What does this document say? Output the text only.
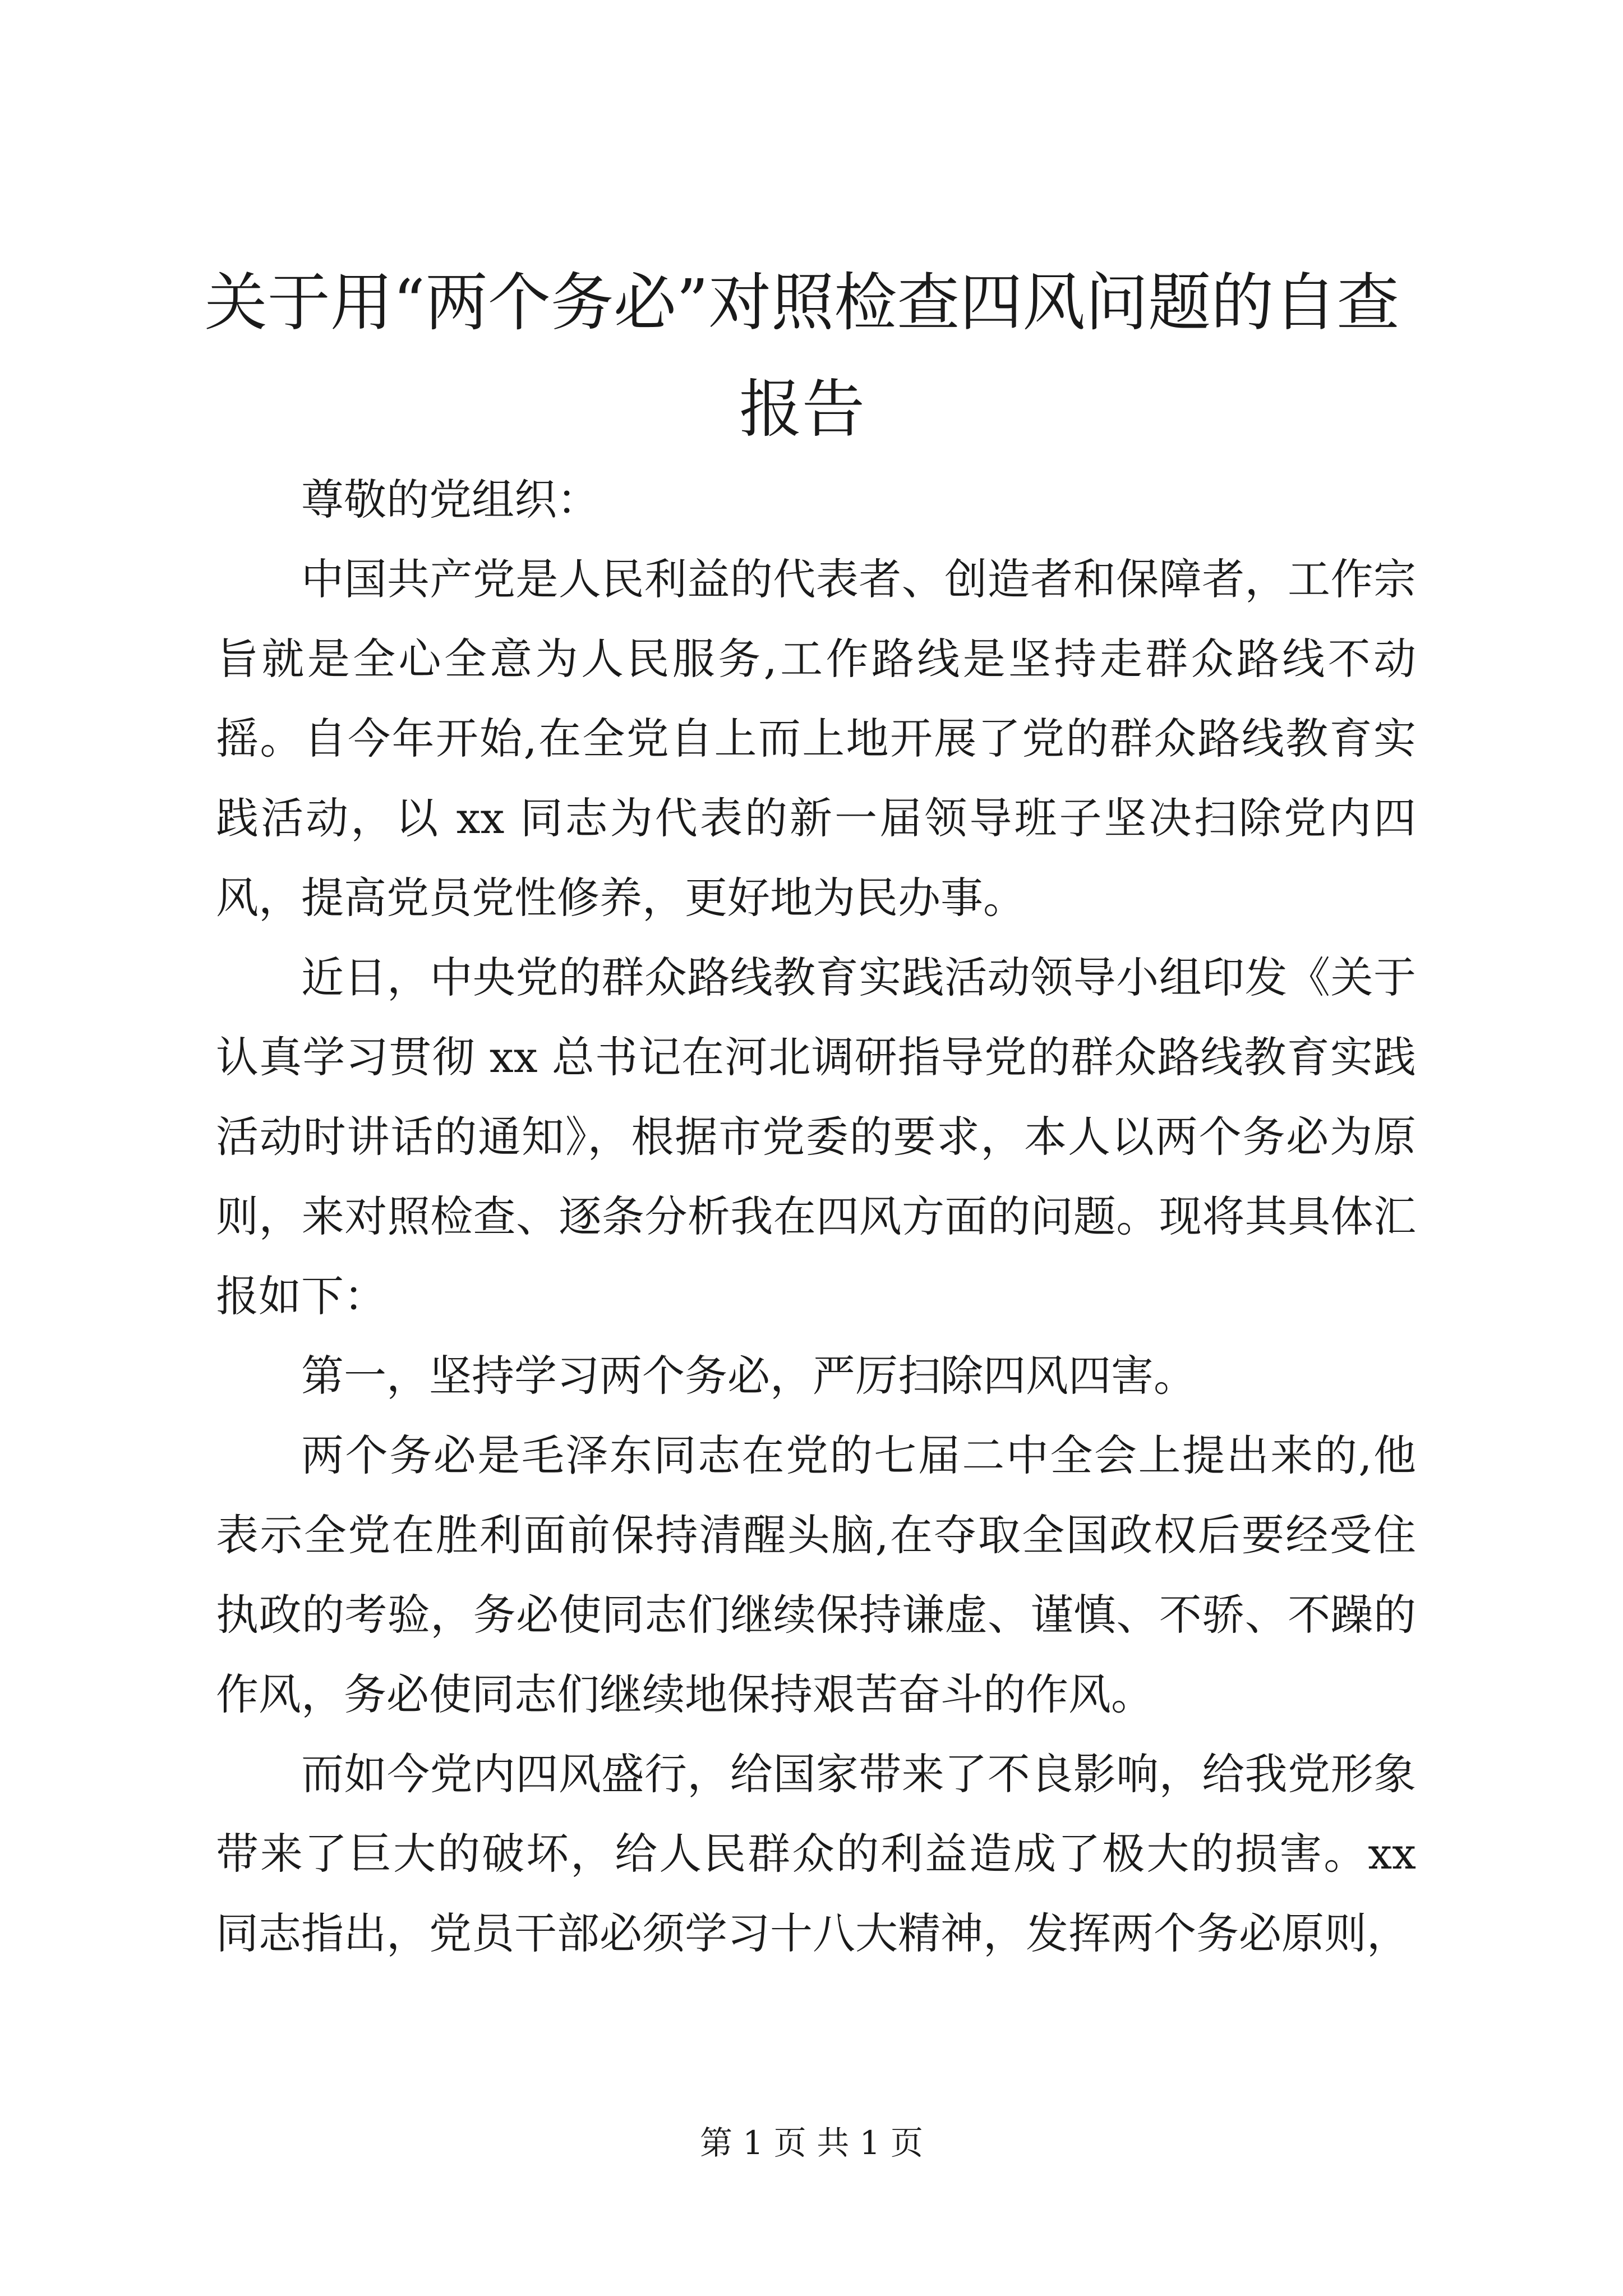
关于用“两个务必”对照检查四风问题的自查
报告

尊敬的党组织：

中国共产党是人民利益的代表者、创造者和保障者，工作宗旨就是全心全意为人民服务,工作路线是坚持走群众路线不动摇。自今年开始,在全党自上而上地开展了党的群众路线教育实践活动，以 xx 同志为代表的新一届领导班子坚决扫除党内四风，提高党员党性修养，更好地为民办事。

近日，中央党的群众路线教育实践活动领导小组印发《关于认真学习贯彻 xx 总书记在河北调研指导党的群众路线教育实践活动时讲话的通知》，根据市党委的要求，本人以两个务必为原则，来对照检查、逐条分析我在四风方面的问题。现将其具体汇报如下：

第一，坚持学习两个务必，严厉扫除四风四害。

两个务必是毛泽东同志在党的七届二中全会上提出来的,他表示全党在胜利面前保持清醒头脑,在夺取全国政权后要经受住执政的考验，务必使同志们继续保持谦虚、谨慎、不骄、不躁的作风，务必使同志们继续地保持艰苦奋斗的作风。

而如今党内四风盛行，给国家带来了不良影响，给我党形象带来了巨大的破坏，给人民群众的利益造成了极大的损害。xx 同志指出，党员干部必须学习十八大精神，发挥两个务必原则，

第 1 页 共 1 页
